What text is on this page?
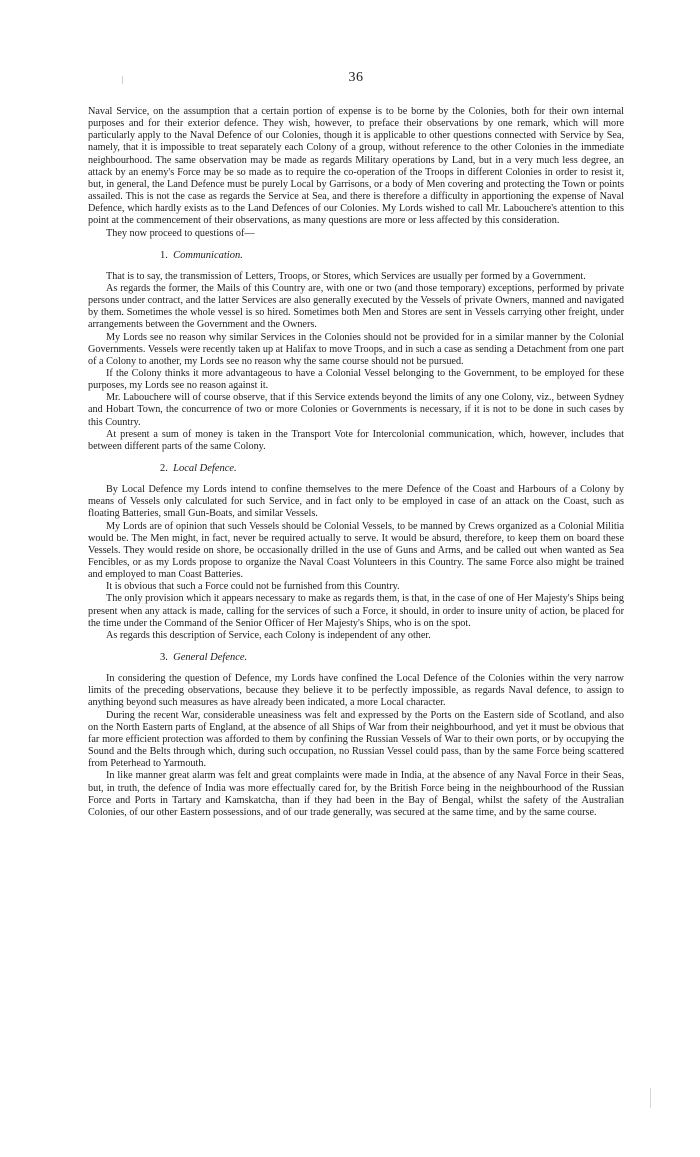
36

Naval Service, on the assumption that a certain portion of expense is to be borne by the Colonies, both for their own internal purposes and for their exterior defence. They wish, however, to preface their observations by one remark, which will more particularly apply to the Naval Defence of our Colonies, though it is applicable to other questions connected with Service by Sea, namely, that it is impossible to treat separately each Colony of a group, without reference to the other Colonies in the immediate neighbourhood. The same observation may be made as regards Military operations by Land, but in a very much less degree, an attack by an enemy's Force may be so made as to require the co-operation of the Troops in different Colonies in order to resist it, but, in general, the Land Defence must be purely Local by Garrisons, or a body of Men covering and protecting the Town or points assailed. This is not the case as regards the Service at Sea, and there is therefore a difficulty in apportioning the expense of Naval Defence, which hardly exists as to the Land Defences of our Colonies. My Lords wished to call Mr. Labouchere's attention to this point at the commencement of their observations, as many questions are more or less affected by this consideration.

They now proceed to questions of—

1. Communication.

That is to say, the transmission of Letters, Troops, or Stores, which Services are usually per formed by a Government.

As regards the former, the Mails of this Country are, with one or two (and those temporary) exceptions, performed by private persons under contract, and the latter Services are also generally executed by the Vessels of private Owners, manned and navigated by them. Sometimes the whole vessel is so hired. Sometimes both Men and Stores are sent in Vessels carrying other freight, under arrangements between the Government and the Owners.

My Lords see no reason why similar Services in the Colonies should not be provided for in a similar manner by the Colonial Governments. Vessels were recently taken up at Halifax to move Troops, and in such a case as sending a Detachment from one part of a Colony to another, my Lords see no reason why the same course should not be pursued.

If the Colony thinks it more advantageous to have a Colonial Vessel belonging to the Government, to be employed for these purposes, my Lords see no reason against it.

Mr. Labouchere will of course observe, that if this Service extends beyond the limits of any one Colony, viz., between Sydney and Hobart Town, the concurrence of two or more Colonies or Governments is necessary, if it is not to be done in such cases by this Country.

At present a sum of money is taken in the Transport Vote for Intercolonial communication, which, however, includes that between different parts of the same Colony.

2. Local Defence.

By Local Defence my Lords intend to confine themselves to the mere Defence of the Coast and Harbours of a Colony by means of Vessels only calculated for such Service, and in fact only to be employed in case of an attack on the Coast, such as floating Batteries, small Gun-Boats, and similar Vessels.

My Lords are of opinion that such Vessels should be Colonial Vessels, to be manned by Crews organized as a Colonial Militia would be. The Men might, in fact, never be required actually to serve. It would be absurd, therefore, to keep them on board these Vessels. They would reside on shore, be occasionally drilled in the use of Guns and Arms, and be called out when wanted as Sea Fencibles, or as my Lords propose to organize the Naval Coast Volunteers in this Country. The same Force also might be trained and employed to man Coast Batteries.

It is obvious that such a Force could not be furnished from this Country.

The only provision which it appears necessary to make as regards them, is that, in the case of one of Her Majesty's Ships being present when any attack is made, calling for the services of such a Force, it should, in order to insure unity of action, be placed for the time under the Command of the Senior Officer of Her Majesty's Ships, who is on the spot.

As regards this description of Service, each Colony is independent of any other.

3. General Defence.

In considering the question of Defence, my Lords have confined the Local Defence of the Colonies within the very narrow limits of the preceding observations, because they believe it to be perfectly impossible, as regards Naval defence, to assign to anything beyond such measures as have already been indicated, a more Local character.

During the recent War, considerable uneasiness was felt and expressed by the Ports on the Eastern side of Scotland, and also on the North Eastern parts of England, at the absence of all Ships of War from their neighbourhood, and yet it must be obvious that far more efficient protection was afforded to them by confining the Russian Vessels of War to their own ports, or by occupying the Sound and the Belts through which, during such occupation, no Russian Vessel could pass, than by the same Force being scattered from Peterhead to Yarmouth.

In like manner great alarm was felt and great complaints were made in India, at the absence of any Naval Force in their Seas, but, in truth, the defence of India was more effectually cared for, by the British Force being in the neighbourhood of the Russian Force and Ports in Tartary and Kamskatcha, than if they had been in the Bay of Bengal, whilst the safety of the Australian Colonies, of our other Eastern possessions, and of our trade generally, was secured at the same time, and by the same course.
